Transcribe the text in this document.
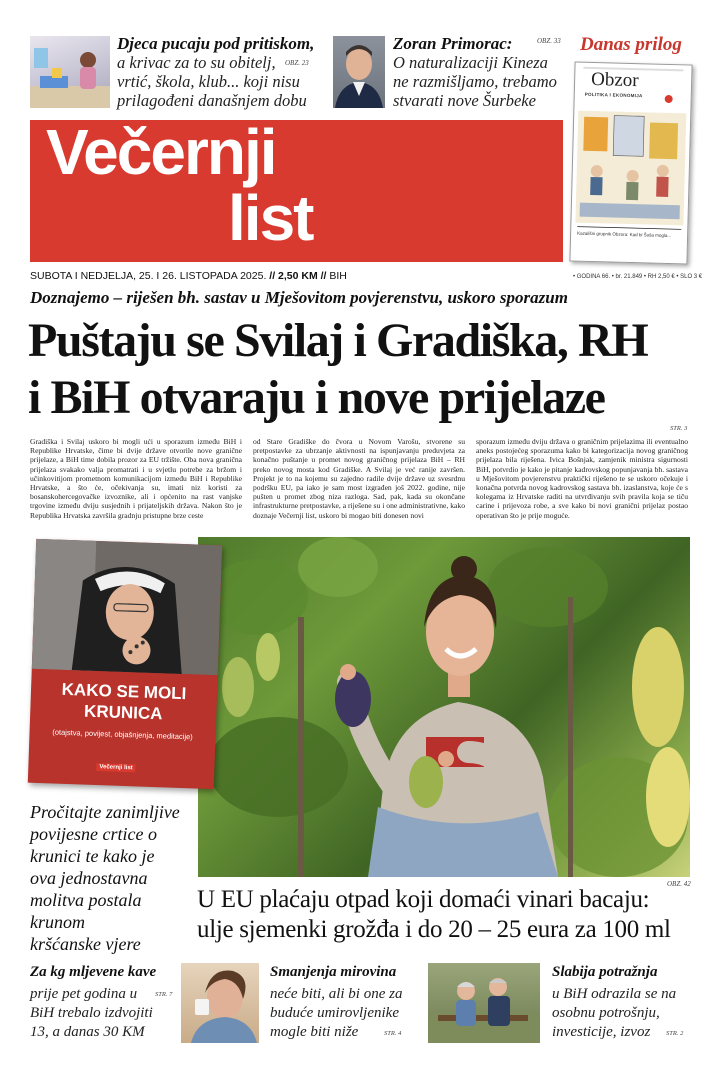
Djeca pucaju pod pritiskom,
a krivac za to su obitelj,
vrtić, škola, klub... koji nisu
prilagođeni današnjem dobu
OBZ. 23
Zoran Primorac:	OBZ. 33
O naturalizaciji Kineza
ne razmišljamo, trebamo
stvarati nove Šurbeke
Danas prilog
Obzor
POLITIKA I EKONOMIJA
Kazališni grupnik Obzora: Kad bi Šuša mogla...
Večernji
list
SUBOTA I NEDJELJA, 25. I 26. LISTOPADA 2025. // 2,50 KM // BIH	• GODINA 66. • br. 21.849 • RH 2,50 € • SLO 3 €
Doznajemo – riješen bh. sastav u Mješovitom povjerenstvu, uskoro sporazum
Puštaju se Svilaj i Gradiška, RH
i BiH otvaraju i nove prijelaze
STR. 3
Gradiška i Svilaj uskoro bi mogli ući u sporazum između BiH i Republike Hrvatske, čime bi dvije države otvorile nove granične prijelaze, a BiH time dobila prozor za EU tržište. Oba nova granična prijelaza svakako valja promatrati i u svjetlu potrebe za bržom i učinkovitijom prometnom komunikacijom između BiH i Republike Hrvatske, a što će, očekivanja su, imati niz koristi za bosanskohercegovačke izvoznike, ali i općenito na rast vanjske trgovine između dviju susjednih i prijateljskih država. Nakon što je Republika Hrvatska završila gradnju pristupne brze ceste
od Stare Gradiške do čvora u Novom Varošu, stvorene su pretpostavke za ubrzanje aktivnosti na ispunjavanju preduvjeta za konačno puštanje u promet novog graničnog prijelaza BiH – RH preko novog mosta kod Gradiške. A Svilaj je već ranije završen. Projekt je to na kojemu su zajedno radile dvije države uz svesrdnu podršku EU, pa iako je sam most izgrađen još 2022. godine, nije pušten u promet zbog niza razloga. Sad, pak, kada su okončane infrastrukturne pretpostavke, a riješene su i one administrativne, kako doznaje Večernji list, uskoro bi mogao biti donesen novi
sporazum između dviju država o graničnim prijelazima ili eventualno aneks postojećeg sporazuma kako bi kategorizacija novog graničnog prijelaza bila riješena. Ivica Bošnjak, zamjenik ministra sigurnosti BiH, potvrdio je kako je pitanje kadrovskog popunjavanja bh. sastava u Mješovitom povjerenstvu praktički riješeno te se uskoro očekuje i konačna potvrda novog kadrovskog sastava bh. izaslanstva, koje će s kolegama iz Hrvatske raditi na utvrđivanju svih pravila koja se tiču carine i prijevoza robe, a sve kako bi novi granični prijelaz postao operativan što je prije moguće.
KAKO SE MOLI
KRUNICA
(otajstva, povijest, objašnjenja, meditacije)
Večernji list
Pročitajte zanimljive
povijesne crtice o
krunici te kako je
ova jednostavna
molitva postala
krunom
kršćanske vjere
OBZ. 42
U EU plaćaju otpad koji domaći vinari bacaju:
ulje sjemenki grožđa i do 20 – 25 eura za 100 ml
Za kg mljevene kave
prije pet godina u	STR. 7
BiH trebalo izdvojiti
13, a danas 30 KM
Smanjenja mirovina
neće biti, ali bi one za
buduće umirovljenike
mogle biti niže	STR. 4
Slabija potražnja
u BiH odrazila se na
osobnu potrošnju,
investicije, izvoz STR. 2
